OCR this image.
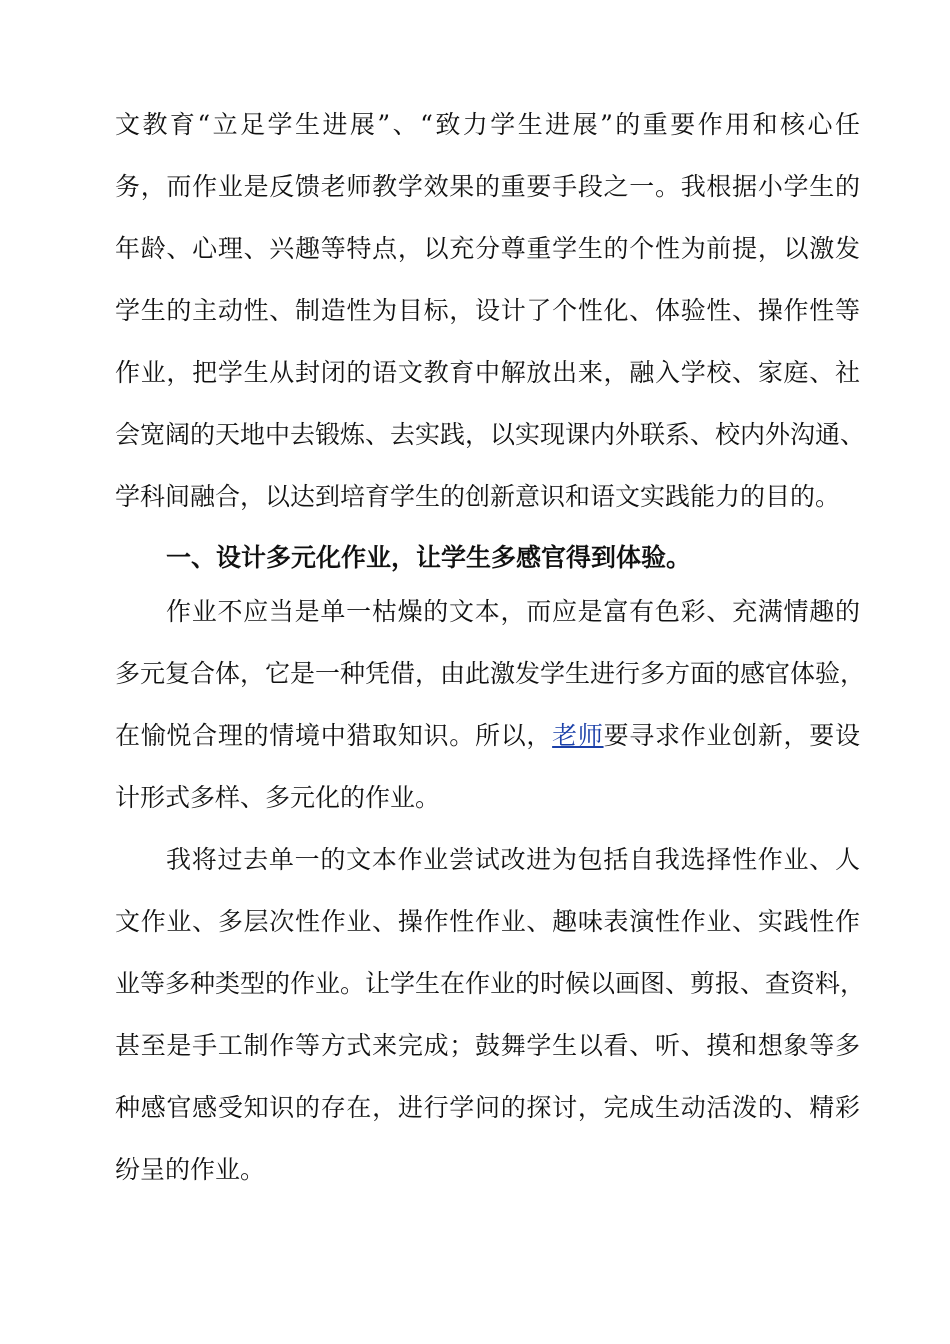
文教育“立足学生进展”、“致力学生进展”的重要作用和核心任
务，而作业是反馈老师教学效果的重要手段之一。我根据小学生的
年龄、心理、兴趣等特点，以充分尊重学生的个性为前提，以激发
学生的主动性、制造性为目标，设计了个性化、体验性、操作性等
作业，把学生从封闭的语文教育中解放出来，融入学校、家庭、社
会宽阔的天地中去锻炼、去实践，以实现课内外联系、校内外沟通、
学科间融合，以达到培育学生的创新意识和语文实践能力的目的。
一、设计多元化作业，让学生多感官得到体验。
作业不应当是单一枯燥的文本，而应是富有色彩、充满情趣的
多元复合体，它是一种凭借，由此激发学生进行多方面的感官体验，
在愉悦合理的情境中猎取知识。所以，老师要寻求作业创新，要设
计形式多样、多元化的作业。
我将过去单一的文本作业尝试改进为包括自我选择性作业、人
文作业、多层次性作业、操作性作业、趣味表演性作业、实践性作
业等多种类型的作业。让学生在作业的时候以画图、剪报、查资料，
甚至是手工制作等方式来完成；鼓舞学生以看、听、摸和想象等多
种感官感受知识的存在，进行学问的探讨，完成生动活泼的、精彩
纷呈的作业。
